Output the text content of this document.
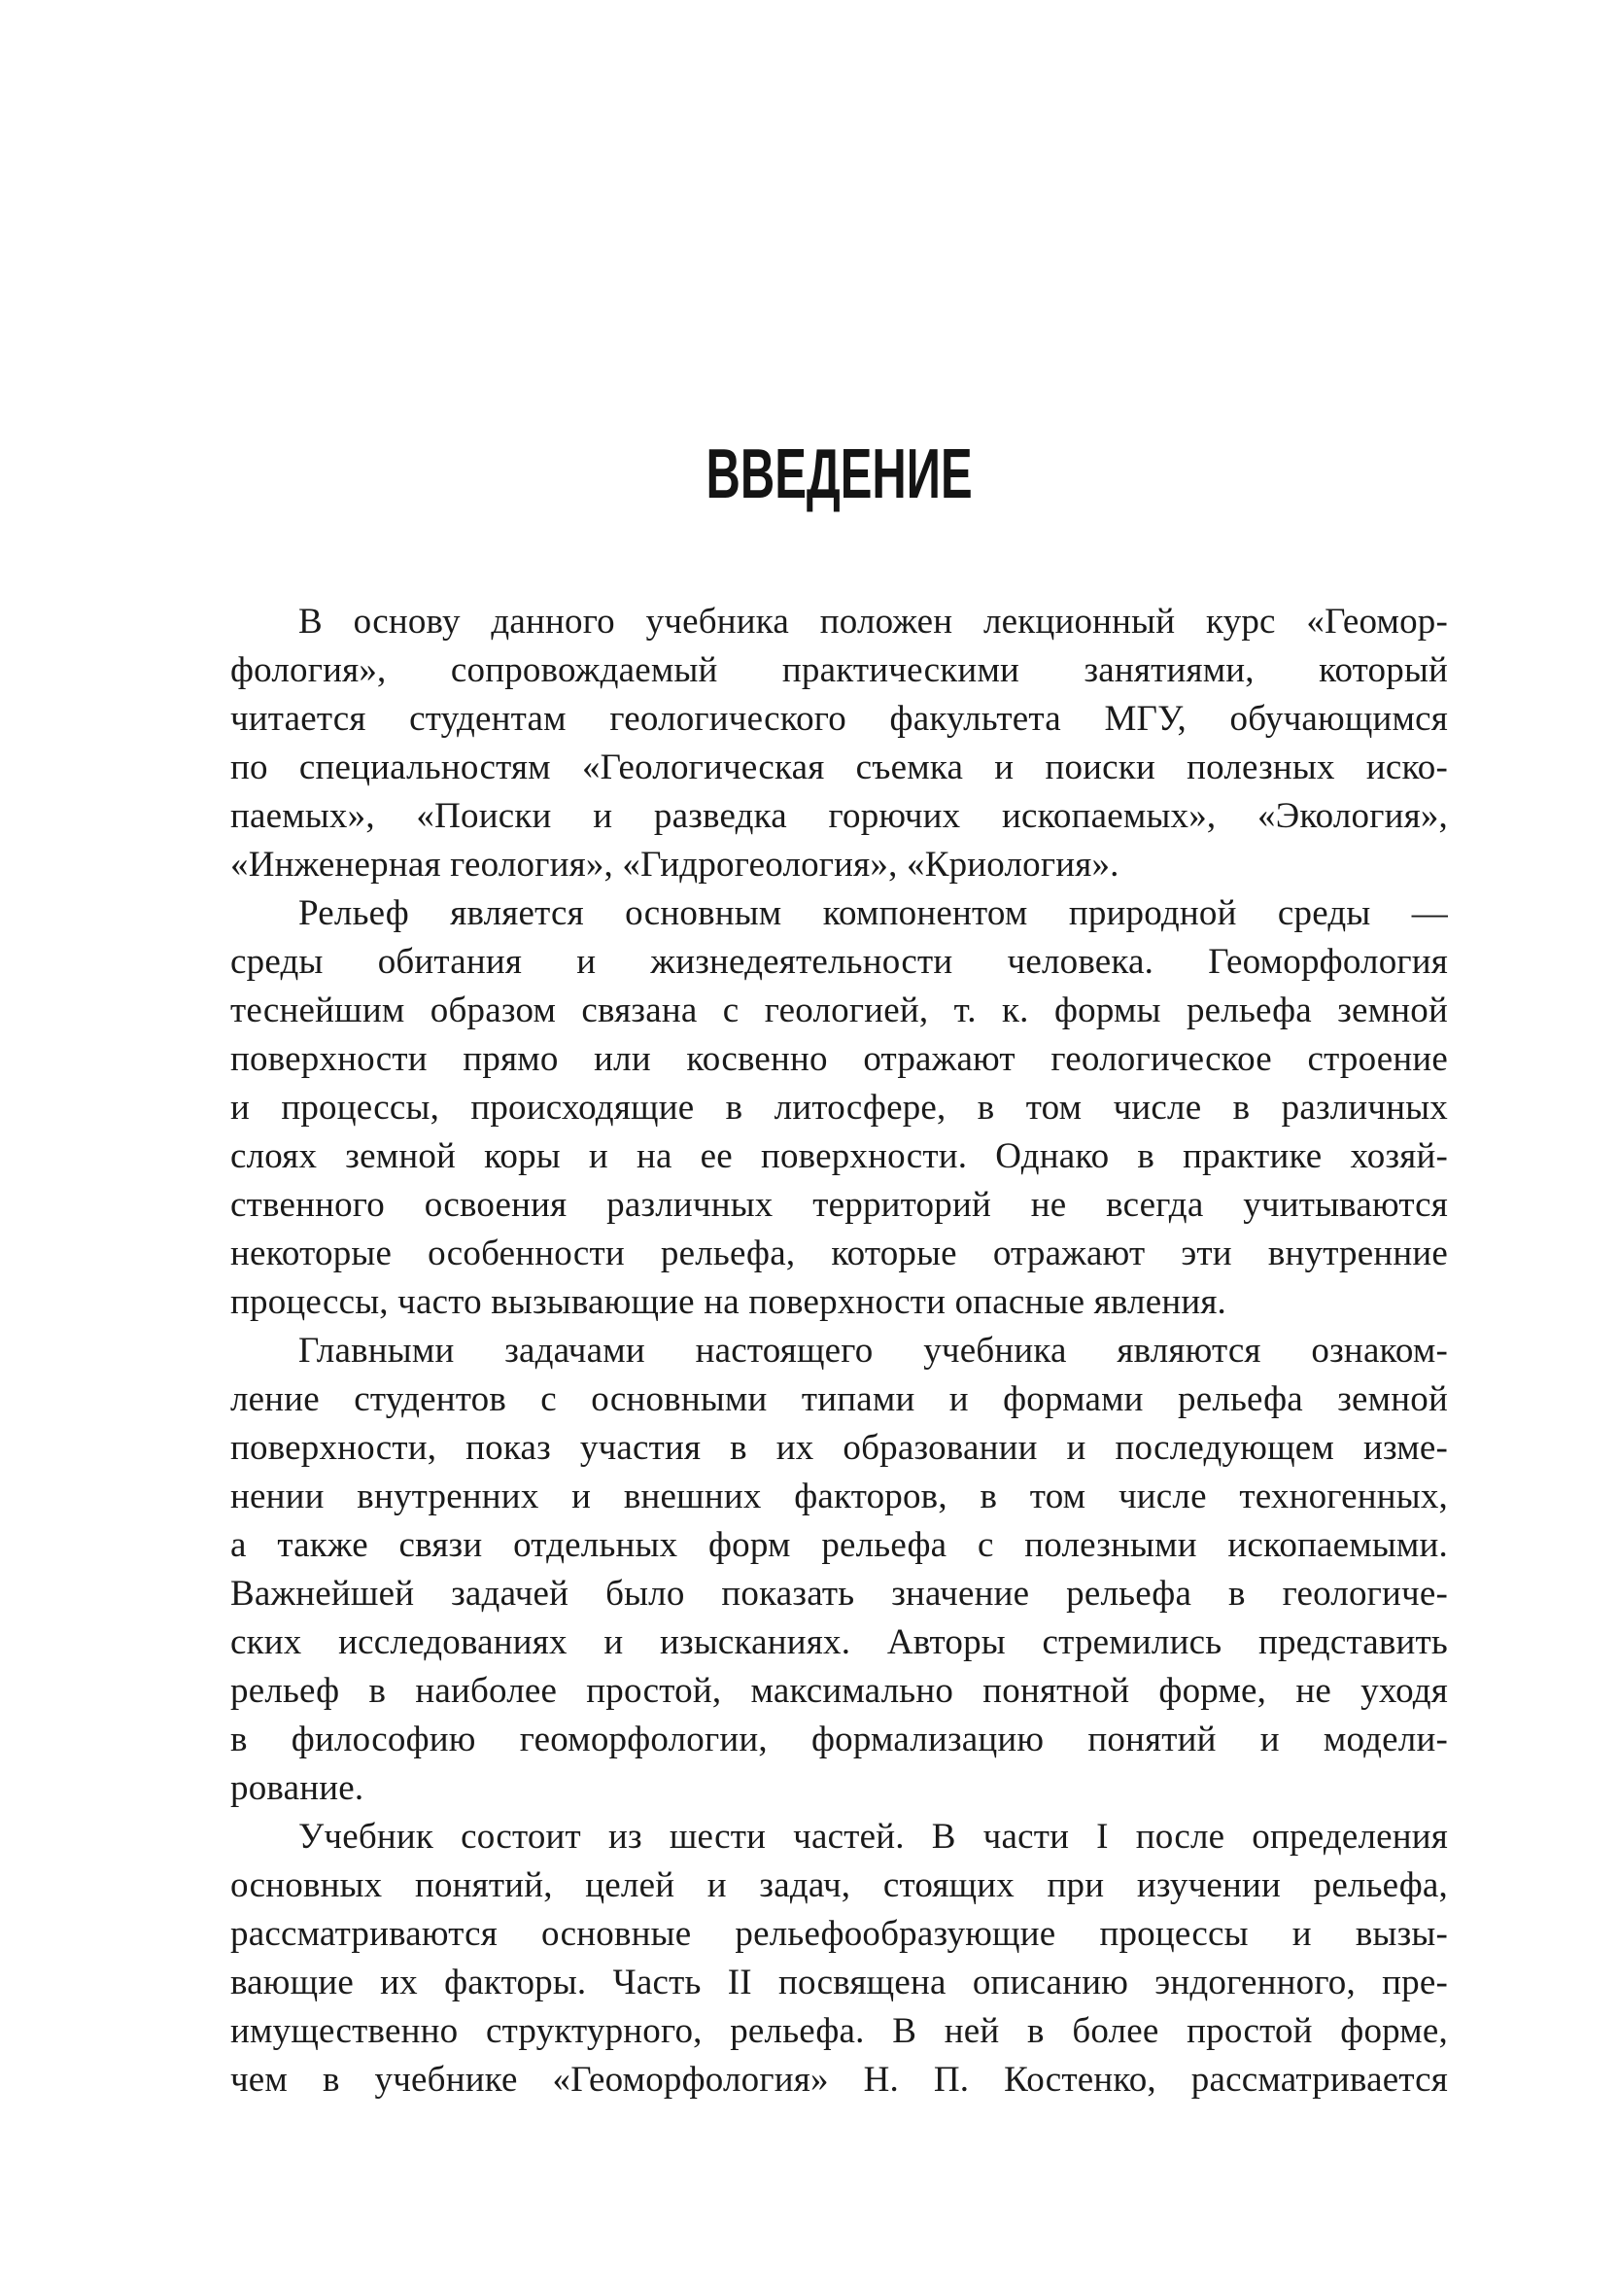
ВВЕДЕНИЕ
В основу данного учебника положен лекционный курс «Геомор-
фология», сопровождаемый практическими занятиями, который
читается студентам геологического факультета МГУ, обучающимся
по специальностям «Геологическая съемка и поиски полезных иско-
паемых», «Поиски и разведка горючих ископаемых», «Экология»,
«Инженерная геология», «Гидрогеология», «Криология».
Рельеф является основным компонентом природной среды —
среды обитания и жизнедеятельности человека. Геоморфология
теснейшим образом связана с геологией, т. к. формы рельефа земной
поверхности прямо или косвенно отражают геологическое строение
и процессы, происходящие в литосфере, в том числе в различных
слоях земной коры и на ее поверхности. Однако в практике хозяй-
ственного освоения различных территорий не всегда учитываются
некоторые особенности рельефа, которые отражают эти внутренние
процессы, часто вызывающие на поверхности опасные явления.
Главными задачами настоящего учебника являются ознаком-
ление студентов с основными типами и формами рельефа земной
поверхности, показ участия в их образовании и последующем изме-
нении внутренних и внешних факторов, в том числе техногенных,
а также связи отдельных форм рельефа с полезными ископаемыми.
Важнейшей задачей было показать значение рельефа в геологиче-
ских исследованиях и изысканиях. Авторы стремились представить
рельеф в наиболее простой, максимально понятной форме, не уходя
в философию геоморфологии, формализацию понятий и модели-
рование.
Учебник состоит из шести частей. В части I после определения
основных понятий, целей и задач, стоящих при изучении рельефа,
рассматриваются основные рельефообразующие процессы и вызы-
вающие их факторы. Часть II посвящена описанию эндогенного, пре-
имущественно структурного, рельефа. В ней в более простой форме,
чем в учебнике «Геоморфология» Н. П. Костенко, рассматривается
